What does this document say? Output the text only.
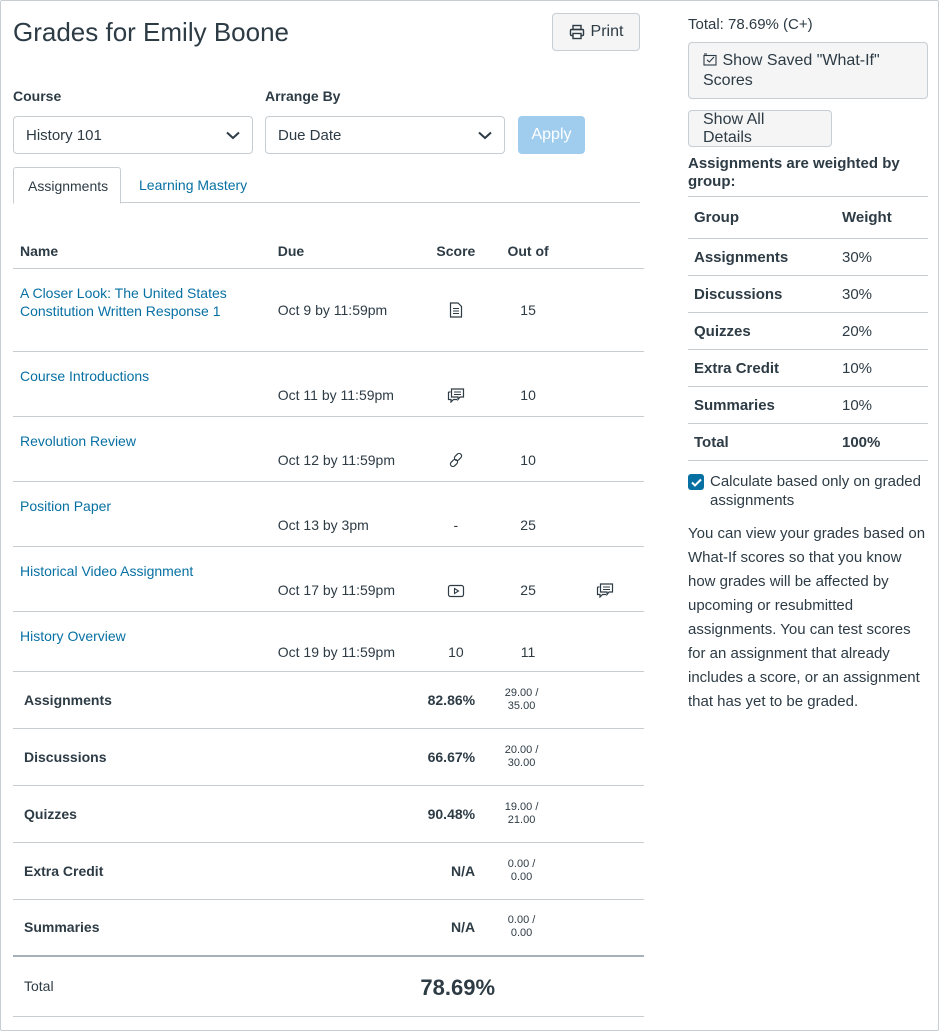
Grades for Emily Boone	Print
Course	Arrange By
History 101	Due Date	Apply
Assignments	Learning Mastery
Name	Due	Score	Out of	

A Closer Look: The United States Constitution Written Response 1	Oct 9 by 11:59pm		15	

Course Introductions	Oct 11 by 11:59pm		10	

Revolution Review	Oct 12 by 11:59pm		10	

Position Paper	Oct 13 by 3pm	-	25	

Historical Video Assignment	Oct 17 by 11:59pm		25	

History Overview	Oct 19 by 11:59pm	10	11	
Assignments		82.86%	29.00 /
35.00	
Discussions		66.67%	20.00 /
30.00	
Quizzes		90.48%	19.00 /
21.00	
Extra Credit		N/A	0.00 /
0.00	
Summaries		N/A	0.00 /
0.00	
Total			78.69%	

Total: 78.69% (C+)
Show Saved "What-If"
Scores
Show All Details
Assignments are weighted by group:
Group	Weight
Assignments	30%
Discussions	30%
Quizzes	20%
Extra Credit	10%
Summaries	10%
Total	100%
Calculate based only on graded assignments
You can view your grades based on What-If scores so that you know how grades will be affected by upcoming or resubmitted assignments. You can test scores for an assignment that already includes a score, or an assignment that has yet to be graded.
